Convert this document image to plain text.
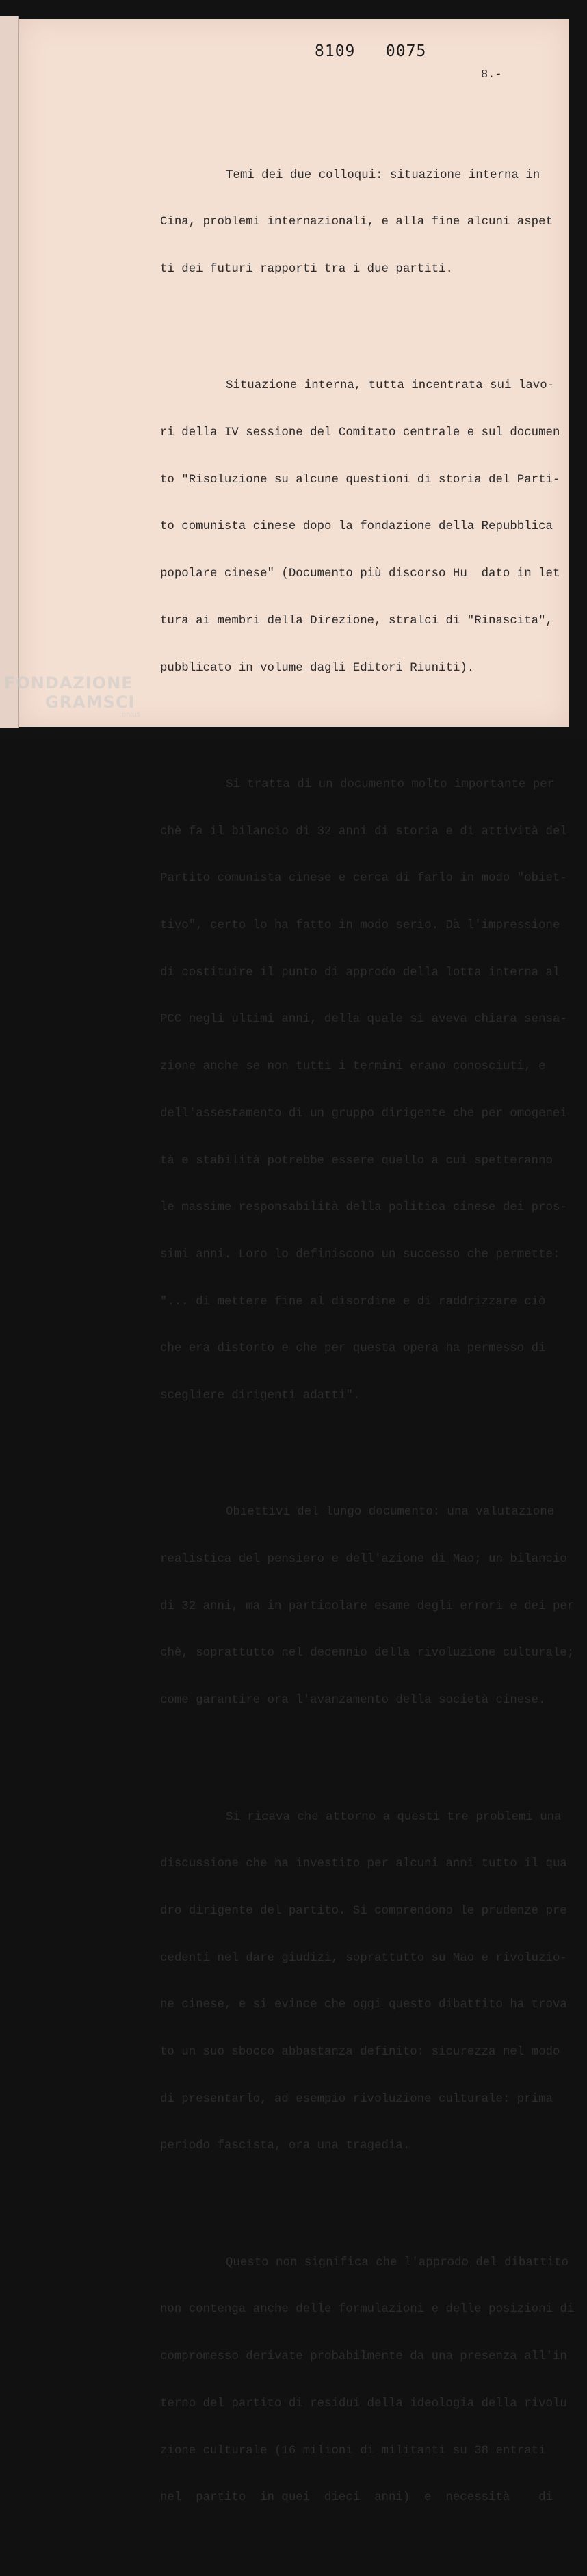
8109   0075
8.-

Temi dei due colloqui: situazione interna in

Cina, problemi internazionali, e alla fine alcuni aspet

ti dei futuri rapporti tra i due partiti.

Situazione interna, tutta incentrata sui lavo-

ri della IV sessione del Comitato centrale e sul documen

to "Risoluzione su alcune questioni di storia del Parti-

to comunista cinese dopo la fondazione della Repubblica

popolare cinese" (Documento più discorso Hu  dato in let

tura ai membri della Direzione, stralci di "Rinascita",

pubblicato in volume dagli Editori Riuniti).

Si tratta di un documento molto importante per

chè fa il bilancio di 32 anni di storia e di attività del

Partito comunista cinese e cerca di farlo in modo "obiet-

tivo", certo lo ha fatto in modo serio. Dà l'impressione

di costituire il punto di approdo della lotta interna al

PCC negli ultimi anni, della quale si aveva chiara sensa-

zione anche se non tutti i termini erano conosciuti, e

dell'assestamento di un gruppo dirigente che per omogenei

tà e stabilità potrebbe essere quello a cui spetteranno

le massime responsabilità della politica cinese dei pros-

simi anni. Loro lo definiscono un successo che permette:

"... di mettere fine al disordine e di raddrizzare ciò

che era distorto e che per questa opera ha permesso di

scegliere dirigenti adatti".

Obiettivi del lungo documento: una valutazione

realistica del pensiero e dell'azione di Mao; un bilancio

di 32 anni, ma in particolare esame degli errori e dei per

chè, soprattutto nel decennio della rivoluzione culturale;

come garantire ora l'avanzamento della società cinese.

Si ricava che attorno a questi tre problemi una

discussione che ha investito per alcuni anni tutto il qua

dro dirigente del partito. Si comprendono le prudenze pre

cedenti nel dare giudizi, soprattutto su Mao e rivoluzio-

ne cinese, e si evince che oggi questo dibattito ha trova

to un suo sbocco abbastanza definito: sicurezza nel modo

di presentarlo, ad esempio rivoluzione culturale: prima

periodo fascista, ora una tragedia.

Questo non significa che l'approdo del dibattito

non contenga anche delle formulazioni e delle posizioni di

compromesso derivate probabilmente da una presenza all'in

terno del partito di residui della ideologia della rivolu

zione culturale (16 milioni di militanti su 38 entrati

nel  partito  in quei  dieci  anni)  e  necessità    di

FONDAZIONE
GRAMSCI
onlus
